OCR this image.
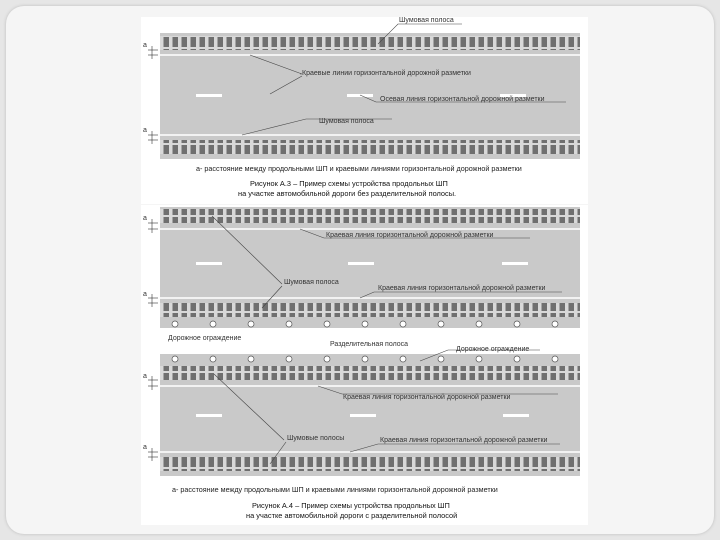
a
a
Шумовая полоса
Краевые линии горизонтальной дорожной разметки
Осевая линия горизонтальной дорожной разметки
Шумовая полоса
а- расстояние между продольными ШП и краевыми линиями горизонтальной дорожной разметки
Рисунок А.3 – Пример схемы устройства продольных ШП
на участке автомобильной дороги без разделительной полосы.
Дорожное ограждение
Разделительная полоса
Дорожное ограждение
a
a
a
a
Краевая линия горизонтальной дорожной разметки
Шумовая полоса
Краевая линия горизонтальной дорожной разметки
Краевая линия горизонтальной дорожной разметки
Шумовые полосы	Краевая линия горизонтальной дорожной разметки
а- расстояние между продольными ШП и краевыми линиями горизонтальной дорожной разметки
Рисунок А.4 – Пример схемы устройства продольных ШП
на участке автомобильной дороги с разделительной полосой
